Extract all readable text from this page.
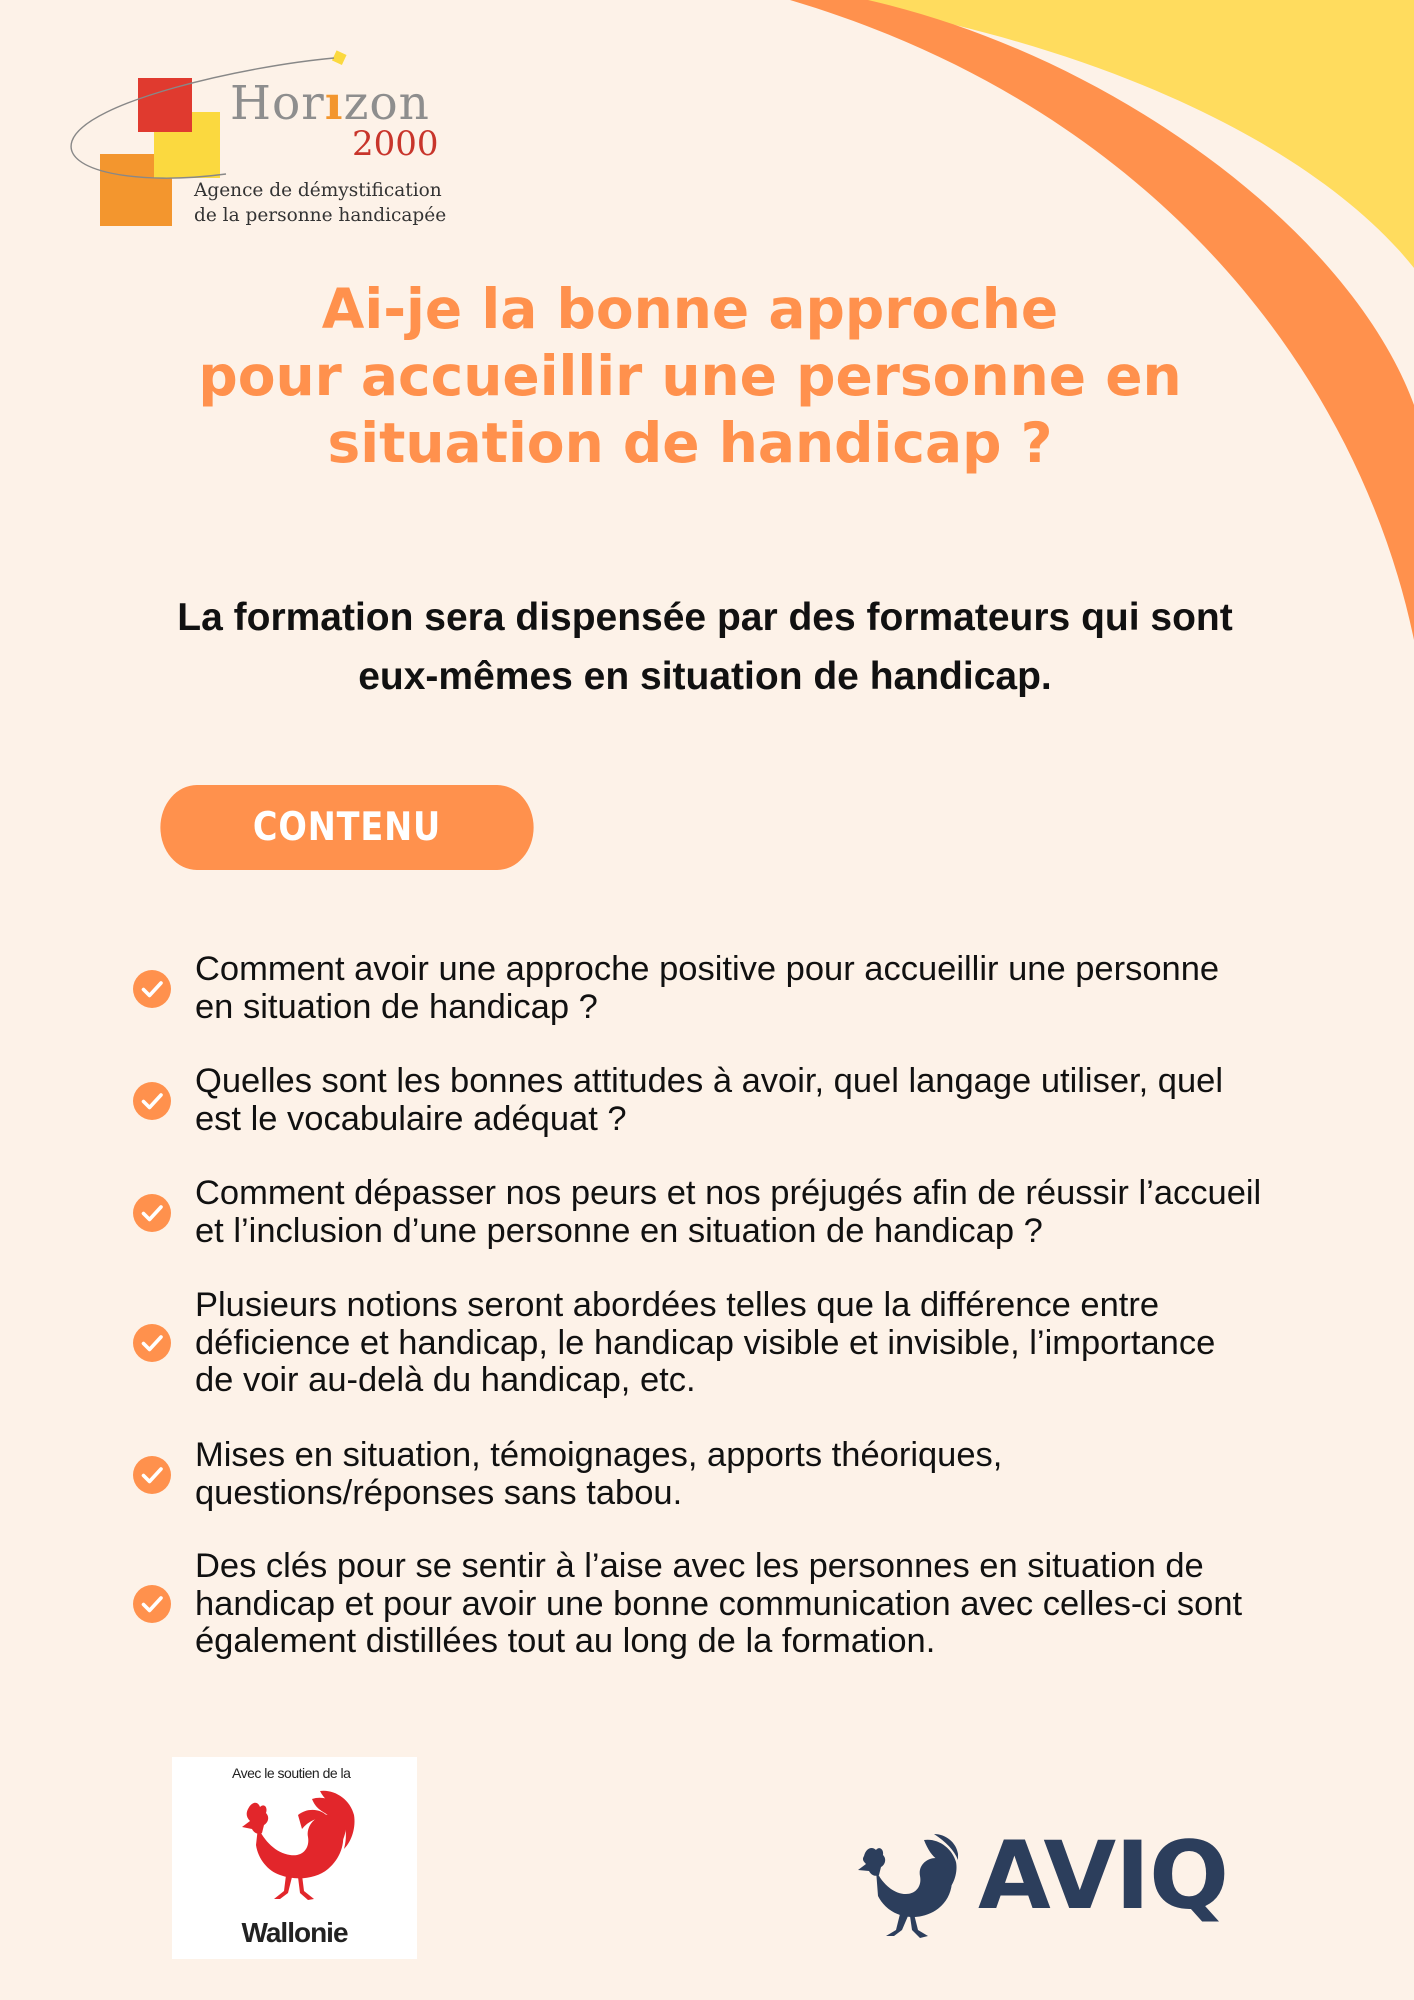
Horızon
2000
Agence de démystification
de la personne handicapée
Ai-je la bonne approche
pour accueillir une personne en
situation de handicap ?

La formation sera dispensée par des formateurs qui sont
eux-mêmes en situation de handicap.

CONTENU
Comment avoir une approche positive pour accueillir une personne
en situation de handicap ?
Quelles sont les bonnes attitudes à avoir, quel langage utiliser, quel
est le vocabulaire adéquat ?
Comment dépasser nos peurs et nos préjugés afin de réussir l’accueil
et l’inclusion d’une personne en situation de handicap ?
Plusieurs notions seront abordées telles que la différence entre
déficience et handicap, le handicap visible et invisible, l’importance
de voir au-delà du handicap, etc.
Mises en situation, témoignages, apports théoriques,
questions/réponses sans tabou.
Des clés pour se sentir à l’aise avec les personnes en situation de
handicap et pour avoir une bonne communication avec celles-ci sont
également distillées tout au long de la formation.
Avec le soutien de la
Wallonie
AVIQ
